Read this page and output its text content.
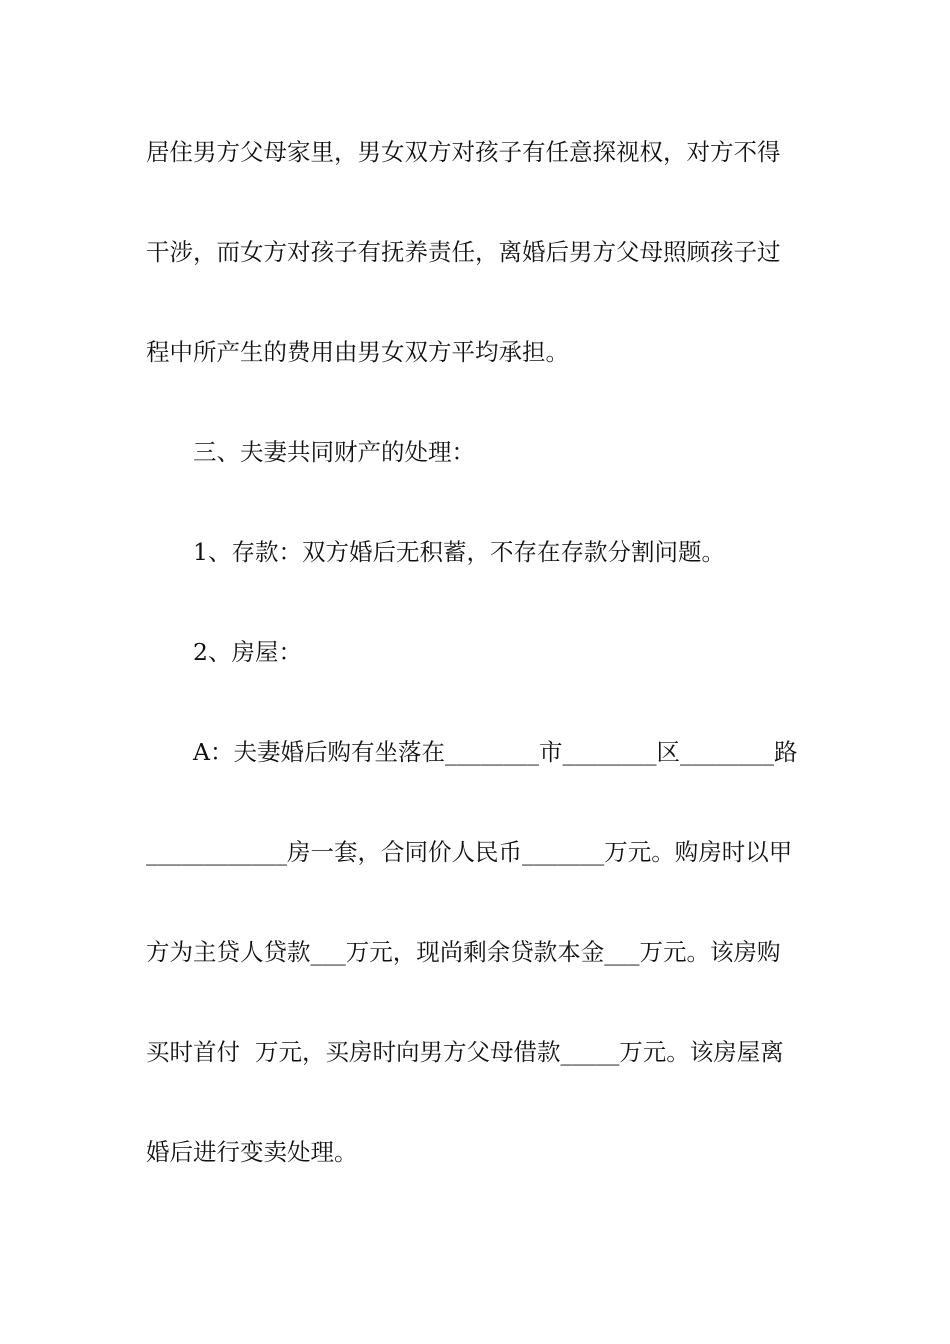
居住男方父母家里，男女双方对孩子有任意探视权，对方不得
干涉，而女方对孩子有抚养责任，离婚后男方父母照顾孩子过
程中所产生的费用由男女双方平均承担。
三、夫妻共同财产的处理：
1、存款：双方婚后无积蓄，不存在存款分割问题。
2、房屋：
A：夫妻婚后购有坐落在________市________区________路
____________房一套，合同价人民币_______万元。购房时以甲
方为主贷人贷款___万元，现尚剩余贷款本金___万元。该房购
买时首付  万元，买房时向男方父母借款_____万元。该房屋离
婚后进行变卖处理。
